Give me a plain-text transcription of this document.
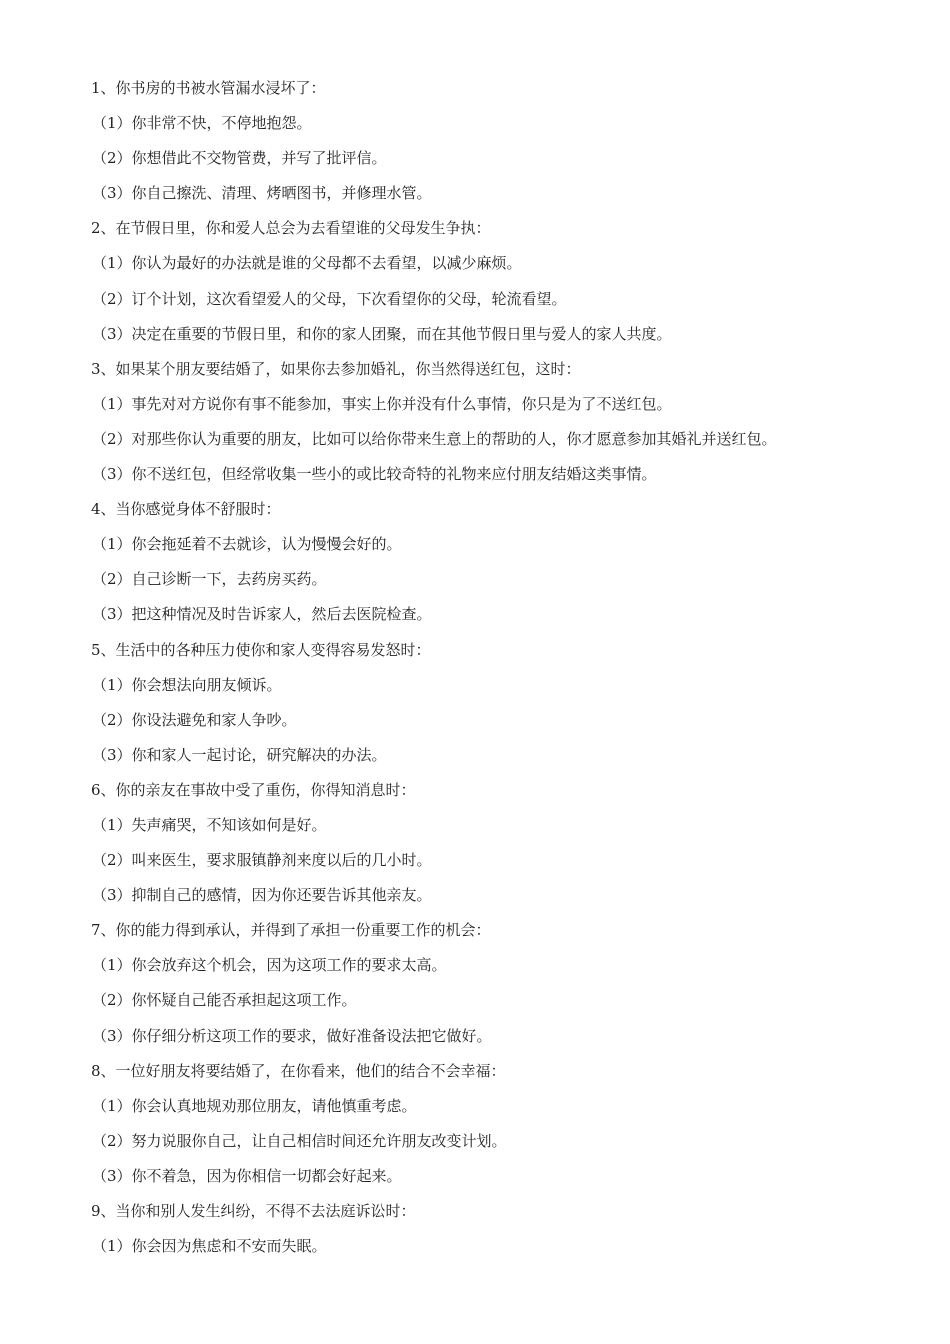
1、你书房的书被水管漏水浸坏了：
（1）你非常不快，不停地抱怨。
（2）你想借此不交物管费，并写了批评信。
（3）你自己擦洗、清理、烤晒图书，并修理水管。
2、在节假日里，你和爱人总会为去看望谁的父母发生争执：
（1）你认为最好的办法就是谁的父母都不去看望，以减少麻烦。
（2）订个计划，这次看望爱人的父母，下次看望你的父母，轮流看望。
（3）决定在重要的节假日里，和你的家人团聚，而在其他节假日里与爱人的家人共度。
3、如果某个朋友要结婚了，如果你去参加婚礼，你当然得送红包，这时：
（1）事先对对方说你有事不能参加，事实上你并没有什么事情，你只是为了不送红包。
（2）对那些你认为重要的朋友，比如可以给你带来生意上的帮助的人，你才愿意参加其婚礼并送红包。
（3）你不送红包，但经常收集一些小的或比较奇特的礼物来应付朋友结婚这类事情。
4、当你感觉身体不舒服时：
（1）你会拖延着不去就诊，认为慢慢会好的。
（2）自己诊断一下，去药房买药。
（3）把这种情况及时告诉家人，然后去医院检查。
5、生活中的各种压力使你和家人变得容易发怒时：
（1）你会想法向朋友倾诉。
（2）你设法避免和家人争吵。
（3）你和家人一起讨论，研究解决的办法。
6、你的亲友在事故中受了重伤，你得知消息时：
（1）失声痛哭，不知该如何是好。
（2）叫来医生，要求服镇静剂来度以后的几小时。
（3）抑制自己的感情，因为你还要告诉其他亲友。
7、你的能力得到承认，并得到了承担一份重要工作的机会：
（1）你会放弃这个机会，因为这项工作的要求太高。
（2）你怀疑自己能否承担起这项工作。
（3）你仔细分析这项工作的要求，做好准备设法把它做好。
8、一位好朋友将要结婚了，在你看来，他们的结合不会幸福：
（1）你会认真地规劝那位朋友，请他慎重考虑。
（2）努力说服你自己，让自己相信时间还允许朋友改变计划。
（3）你不着急，因为你相信一切都会好起来。
9、当你和别人发生纠纷，不得不去法庭诉讼时：
（1）你会因为焦虑和不安而失眠。
